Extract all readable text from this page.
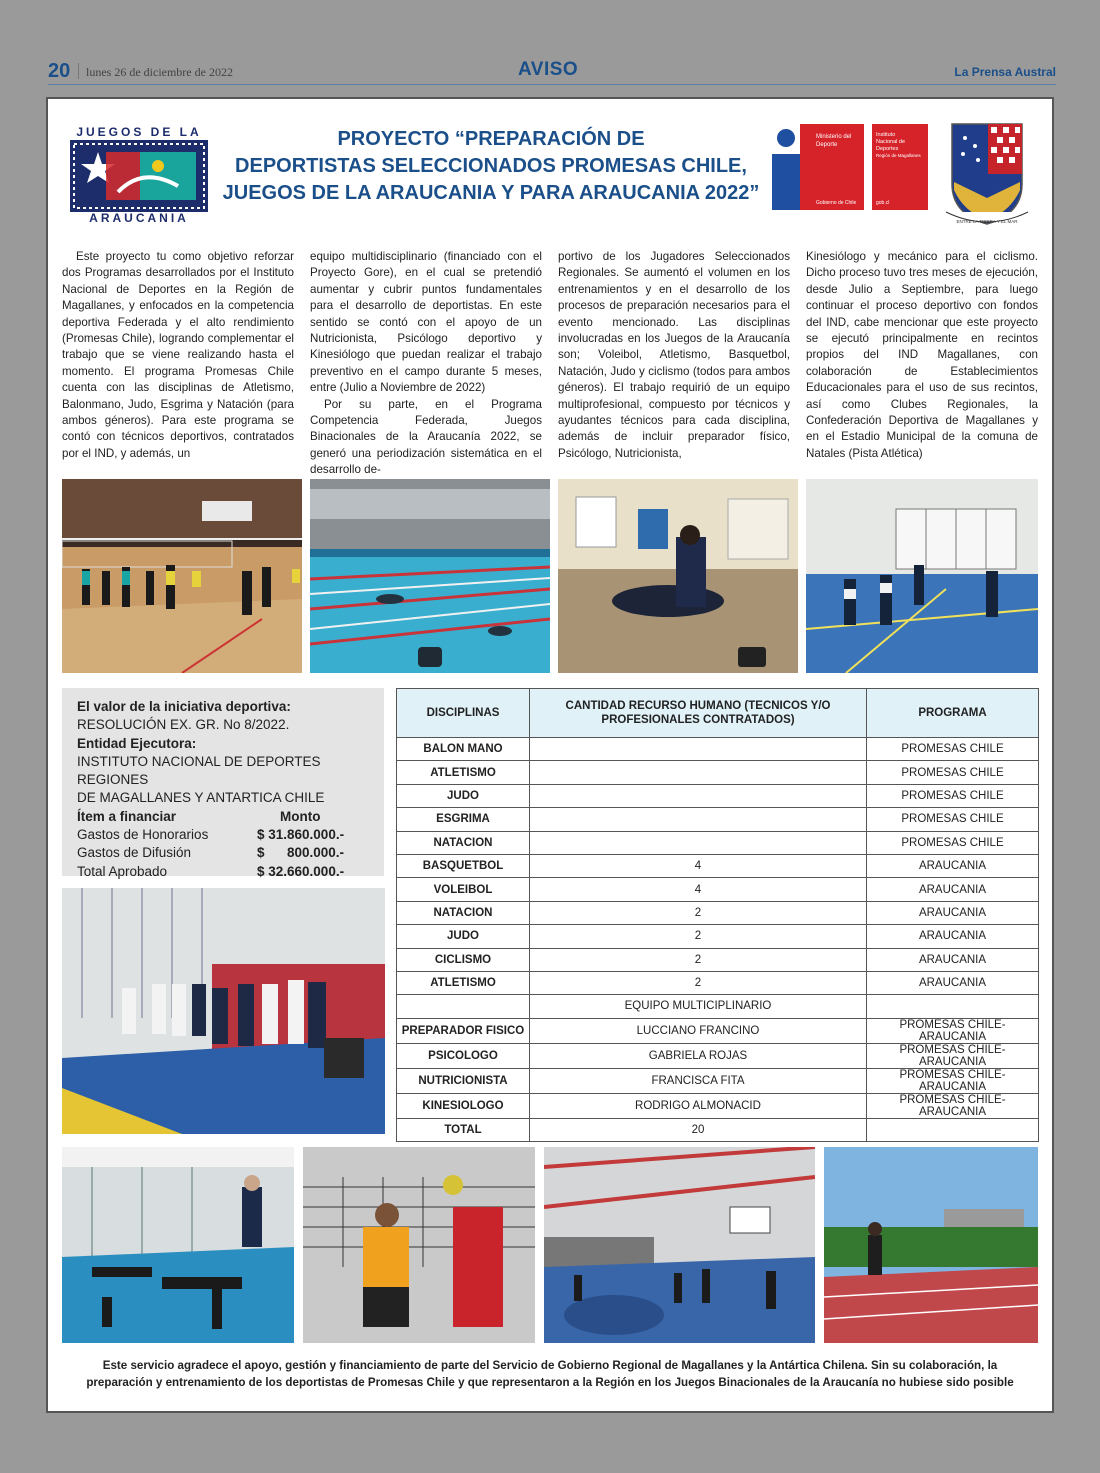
20 lunes 26 de diciembre de 2022	AVISO	La Prensa Austral
JUEGOS DE LA
ARAUCANIA
PROYECTO “PREPARACIÓN DE
DEPORTISTAS SELECCIONADOS PROMESAS CHILE,
JUEGOS DE LA ARAUCANIA Y PARA ARAUCANIA 2022”
Ministerio del
Deporte
Gobierno de Chile
Instituto
Nacional de
Deportes
Región de Magallanes
gob.cl
ENTRE LA TIERRA Y EL MAR

Este proyecto tu como objetivo reforzar dos Programas desarrollados por el Instituto Nacional de Deportes en la Región de Magallanes, y enfocados en la competencia deportiva Federada y el alto rendimiento (Promesas Chile), logrando complementar el trabajo que se viene realizando hasta el momento. El programa Promesas Chile cuenta con las disciplinas de Atletismo, Balonmano, Judo, Esgrima y Natación (para ambos géneros). Para este programa se contó con técnicos deportivos, contratados por el IND, y además, un

equipo multidisciplinario (financiado con el Proyecto Gore), en el cual se pretendió aumentar y cubrir puntos fundamentales para el desarrollo de deportistas. En este sentido se contó con el apoyo de un Nutricionista, Psicólogo deportivo y Kinesiólogo que puedan realizar el trabajo preventivo en el campo durante 5 meses, entre (Julio a Noviembre de 2022)

Por su parte, en el Programa Competencia Federada, Juegos Binacionales de la Araucanía 2022, se generó una periodización sistemática en el desarrollo de-

portivo de los Jugadores Seleccionados Regionales. Se aumentó el volumen en los entrenamientos y en el desarrollo de los procesos de preparación necesarios para el evento mencionado. Las disciplinas involucradas en los Juegos de la Araucanía son; Voleibol, Atletismo, Basquetbol, Natación, Judo y ciclismo (todos para ambos géneros). El trabajo requirió de un equipo multiprofesional, compuesto por técnicos y ayudantes técnicos para cada disciplina, además de incluir preparador físico, Psicólogo, Nutricionista,

Kinesiólogo y mecánico para el ciclismo. Dicho proceso tuvo tres meses de ejecución, desde Julio a Septiembre, para luego continuar el proceso deportivo con fondos del IND, cabe mencionar que este proyecto se ejecutó principalmente en recintos propios del IND Magallanes, con colaboración de Establecimientos Educacionales para el uso de sus recintos, así como Clubes Regionales, la Confederación Deportiva de Magallanes y en el Estadio Municipal de la comuna de Natales (Pista Atlética)

El valor de la iniciativa deportiva:
RESOLUCIÓN EX. GR. No 8/2022.
Entidad Ejecutora:
INSTITUTO NACIONAL DE DEPORTES REGIONES
DE MAGALLANES Y ANTARTICA CHILE
Ítem a financiar	Monto
Gastos de Honorarios	$ 31.860.000.-
Gastos de Difusión	$      800.000.-
Total Aprobado	$ 32.660.000.-
DISCIPLINAS	CANTIDAD RECURSO HUMANO (TECNICOS Y/O PROFESIONALES CONTRATADOS)	PROGRAMA
BALON MANO		PROMESAS CHILE
ATLETISMO		PROMESAS CHILE
JUDO		PROMESAS CHILE
ESGRIMA		PROMESAS CHILE
NATACION		PROMESAS CHILE
BASQUETBOL	4	ARAUCANIA
VOLEIBOL	4	ARAUCANIA
NATACION	2	ARAUCANIA
JUDO	2	ARAUCANIA
CICLISMO	2	ARAUCANIA
ATLETISMO	2	ARAUCANIA
	EQUIPO MULTICIPLINARIO	
PREPARADOR FISICO	LUCCIANO FRANCINO	PROMESAS CHILE-ARAUCANIA
PSICOLOGO	GABRIELA ROJAS	PROMESAS CHILE-ARAUCANIA
NUTRICIONISTA	FRANCISCA FITA	PROMESAS CHILE-ARAUCANIA
KINESIOLOGO	RODRIGO ALMONACID	PROMESAS CHILE-ARAUCANIA
TOTAL	20	
Este servicio agradece el apoyo, gestión y financiamiento de parte del Servicio de Gobierno Regional de Magallanes y la Antártica Chilena. Sin su colaboración, la
preparación y entrenamiento de los deportistas de Promesas Chile y que representaron a la Región en los Juegos Binacionales de la Araucanía no hubiese sido posible
